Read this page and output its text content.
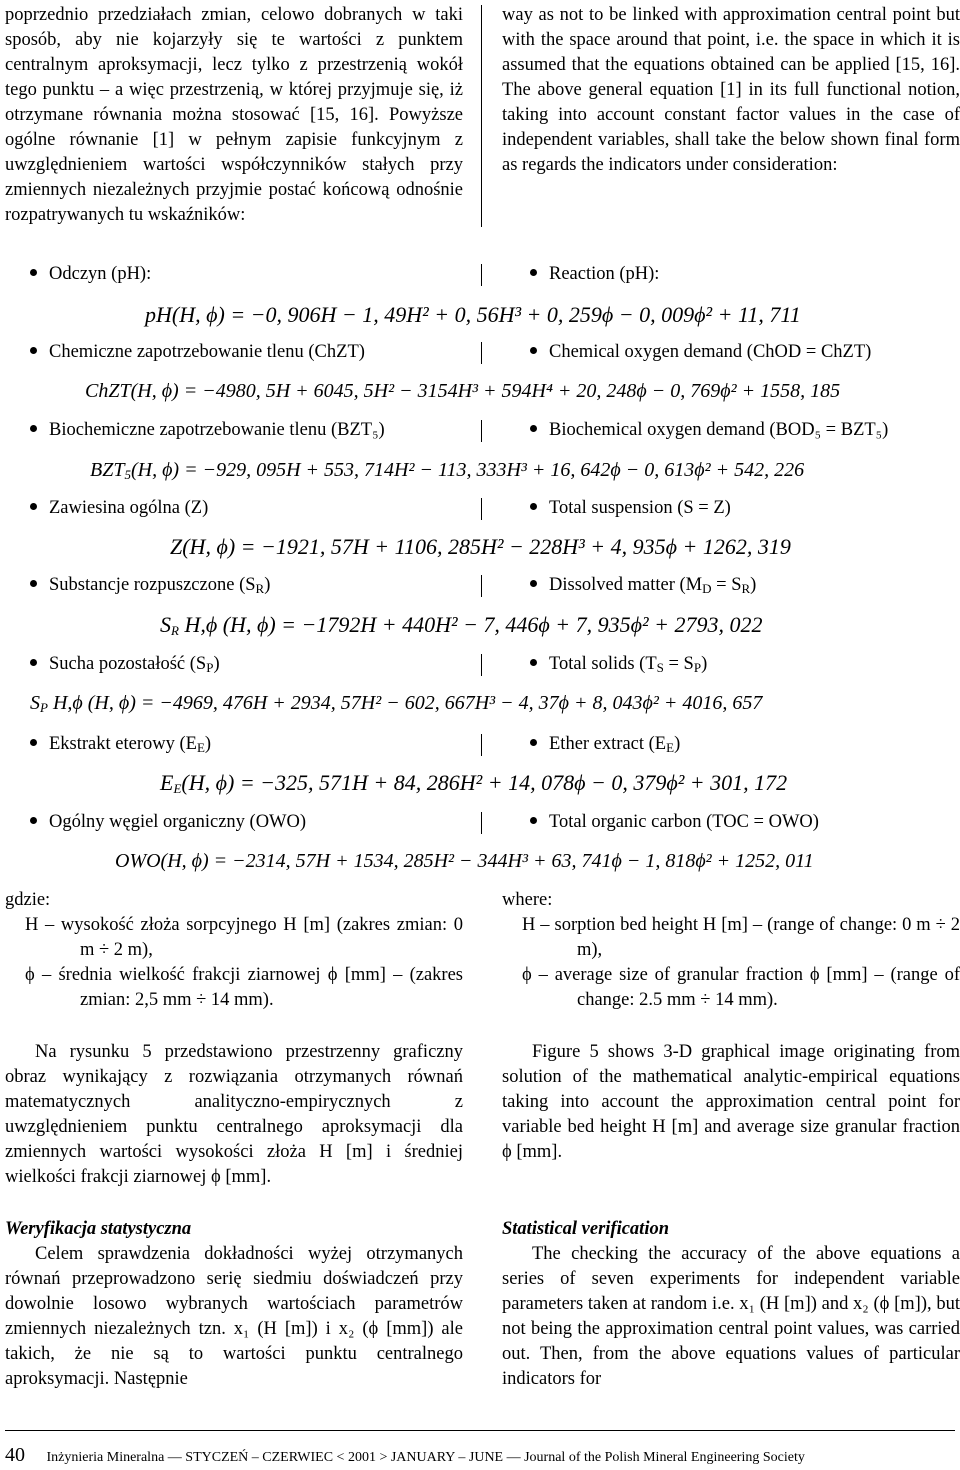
poprzednio przedziałach zmian, celowo dobranych w taki sposób, aby nie kojarzyły się te wartości z punktem centralnym aproksymacji, lecz tylko z przestrzenią wokół tego punktu – a więc przestrzenią, w której przyjmuje się, iż otrzymane równania można stosować [15, 16]. Powyższe ogólne równanie [1] w pełnym zapisie funkcyjnym z uwzględnieniem wartości współczynników stałych przy zmiennych niezależnych przyjmie postać końcową odnośnie rozpatrywanych tu wskaźników:
way as not to be linked with approximation central point but with the space around that point, i.e. the space in which it is assumed that the equations obtained can be applied [15, 16]. The above general equation [1] in its full functional notion, taking into account constant factor values in the case of independent variables, shall take the below shown final form as regards the indicators under consideration:
Odczyn (pH):	Reaction (pH):
pH(H, ϕ) = −0, 906H − 1, 49H² + 0, 56H³ + 0, 259ϕ − 0, 009ϕ² + 11, 711
Chemiczne zapotrzebowanie tlenu (ChZT)	Chemical oxygen demand (ChOD = ChZT)
ChZT(H, ϕ) = −4980, 5H + 6045, 5H² − 3154H³ + 594H⁴ + 20, 248ϕ − 0, 769ϕ² + 1558, 185
Biochemiczne zapotrzebowanie tlenu (BZT₅)	Biochemical oxygen demand (BOD₅ = BZT₅)
$BZT_5(H$, ϕ) = −929, 095H + 553, 714H² − 113, 333H³ + 16, 642ϕ − 0, 613ϕ² + 542, 226
Zawiesina ogólna (Z)	Total suspension (S = Z)
Z(H, ϕ) = −1921, 57H + 1106, 285H² − 228H³ + 4, 935ϕ + 1262, 319
Substancje rozpuszczone $(S_R)$	Dissolved matter $(M_D = S_R)$
$S_R$ H,ϕ (H, ϕ) = −1792H + 440H² − 7, 446ϕ + 7, 935ϕ² + 2793, 022
Sucha pozostałość $(S_P)$	Total solids $(T_S = S_P)$
$S_P$ H,ϕ (H, ϕ) = −4969, 476H + 2934, 57H² − 602, 667H³ − 4, 37ϕ + 8, 043ϕ² + 4016, 657
Ekstrakt eterowy $(E_E)$	Ether extract $(E_E)$
$E_E(H$, ϕ) = −325, 571H + 84, 286H² + 14, 078ϕ − 0, 379ϕ² + 301, 172
Ogólny węgiel organiczny (OWO)	Total organic carbon (TOC = OWO)
OWO(H, ϕ) = −2314, 57H + 1534, 285H² − 344H³ + 63, 741ϕ − 1, 818ϕ² + 1252, 011
gdzie:

H – wysokość złoża sorpcyjnego H [m] (zakres zmian: 0 m ÷ 2 m),

ϕ – średnia wielkość frakcji ziarnowej ϕ [mm] – (zakres zmian: 2,5 mm ÷ 14 mm).

where:

H – sorption bed height H [m] – (range of change: 0 m ÷ 2 m),

ϕ – average size of granular fraction ϕ [mm] – (range of change: 2.5 mm ÷ 14 mm).

Na rysunku 5 przedstawiono przestrzenny graficzny obraz wynikający z rozwiązania otrzymanych równań matematycznych analityczno-empirycznych z uwzględnieniem punktu centralnego aproksymacji dla zmiennych wartości wysokości złoża H [m] i średniej wielkości frakcji ziarnowej ϕ [mm].
Figure 5 shows 3-D graphical image originating from solution of the mathematical analytic-empirical equations taking into account the approximation central point for variable bed height H [m] and average size granular fraction ϕ [mm].
Weryfikacja statystyczna
Celem sprawdzenia dokładności wyżej otrzymanych równań przeprowadzono serię siedmiu doświadczeń przy dowolnie losowo wybranych wartościach parametrów zmiennych niezależnych tzn. x₁ (H [m]) i x₂ (ϕ [mm]) ale takich, że nie są to wartości punktu centralnego aproksymacji. Następnie
Statistical verification
The checking the accuracy of the above equations a series of seven experiments for independent variable parameters taken at random i.e. x₁ (H [m]) and x₂ (ϕ [m]), but not being the approximation central point values, was carried out. Then, from the above equations values of particular indicators for
40 Inżynieria Mineralna — STYCZEŃ – CZERWIEC < 2001 > JANUARY – JUNE — Journal of the Polish Mineral Engineering Society
